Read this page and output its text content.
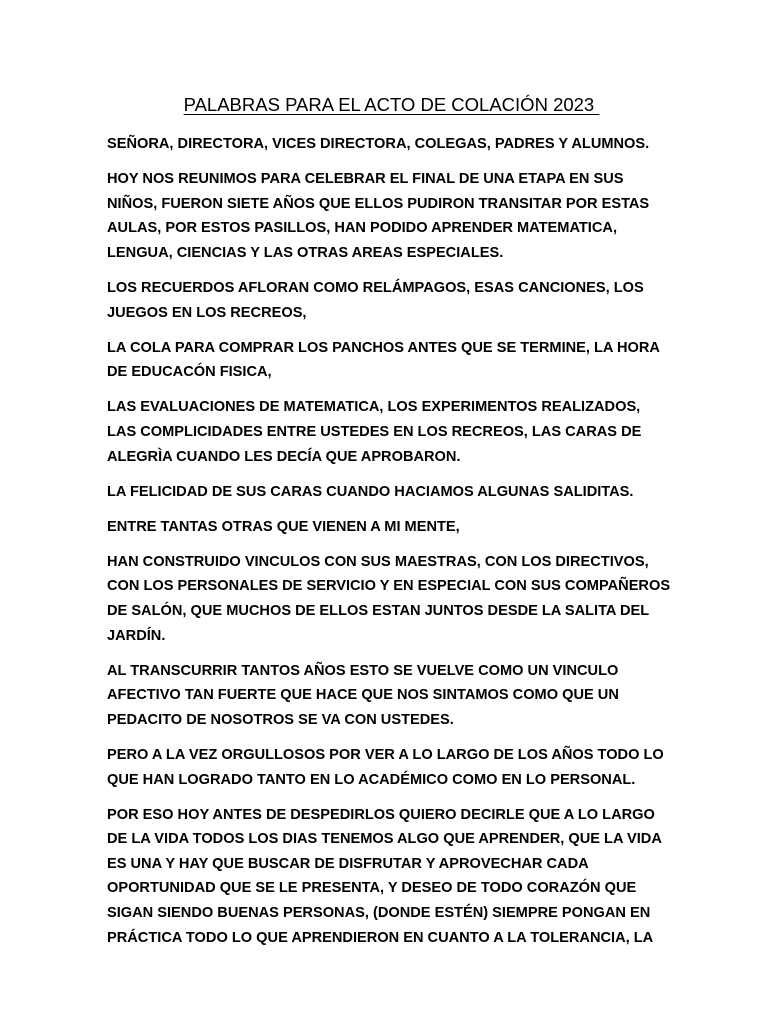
PALABRAS PARA EL ACTO DE COLACIÓN 2023
SEÑORA, DIRECTORA, VICES DIRECTORA, COLEGAS, PADRES Y ALUMNOS.
HOY NOS REUNIMOS PARA CELEBRAR EL FINAL DE UNA ETAPA EN SUS
NIÑOS, FUERON SIETE AÑOS QUE ELLOS PUDIRON TRANSITAR POR ESTAS
AULAS, POR ESTOS PASILLOS, HAN PODIDO APRENDER MATEMATICA,
LENGUA, CIENCIAS Y LAS OTRAS AREAS ESPECIALES.
LOS RECUERDOS AFLORAN COMO RELÁMPAGOS, ESAS CANCIONES, LOS
JUEGOS EN LOS RECREOS,
LA COLA PARA COMPRAR LOS PANCHOS ANTES QUE SE TERMINE, LA HORA
DE EDUCACÓN FISICA,
LAS EVALUACIONES DE MATEMATICA, LOS EXPERIMENTOS REALIZADOS,
LAS COMPLICIDADES ENTRE USTEDES EN LOS RECREOS, LAS CARAS DE
ALEGRÌA CUANDO LES DECÍA QUE APROBARON.
LA FELICIDAD DE SUS CARAS CUANDO HACIAMOS ALGUNAS SALIDITAS.
ENTRE TANTAS OTRAS QUE VIENEN A MI MENTE,
HAN CONSTRUIDO VINCULOS CON SUS MAESTRAS, CON LOS DIRECTIVOS,
CON LOS PERSONALES DE SERVICIO Y EN ESPECIAL CON SUS COMPAÑEROS
DE SALÓN, QUE MUCHOS DE ELLOS ESTAN JUNTOS DESDE LA SALITA DEL
JARDÍN.
AL TRANSCURRIR TANTOS AÑOS ESTO SE VUELVE COMO UN VINCULO
AFECTIVO TAN FUERTE QUE HACE QUE NOS SINTAMOS COMO QUE UN
PEDACITO DE NOSOTROS SE VA CON USTEDES.
PERO A LA VEZ ORGULLOSOS POR VER A LO LARGO DE LOS AÑOS TODO LO
QUE HAN LOGRADO TANTO EN LO ACADÉMICO COMO EN LO PERSONAL.
POR ESO HOY ANTES DE DESPEDIRLOS QUIERO DECIRLE QUE A LO LARGO
DE LA VIDA TODOS LOS DIAS TENEMOS ALGO QUE APRENDER, QUE LA VIDA
ES UNA Y HAY QUE BUSCAR DE DISFRUTAR Y APROVECHAR CADA
OPORTUNIDAD QUE SE LE PRESENTA, Y DESEO DE TODO CORAZÓN QUE
SIGAN SIENDO BUENAS PERSONAS, (DONDE ESTÉN) SIEMPRE PONGAN EN
PRÁCTICA TODO LO QUE APRENDIERON EN CUANTO A LA TOLERANCIA, LA
